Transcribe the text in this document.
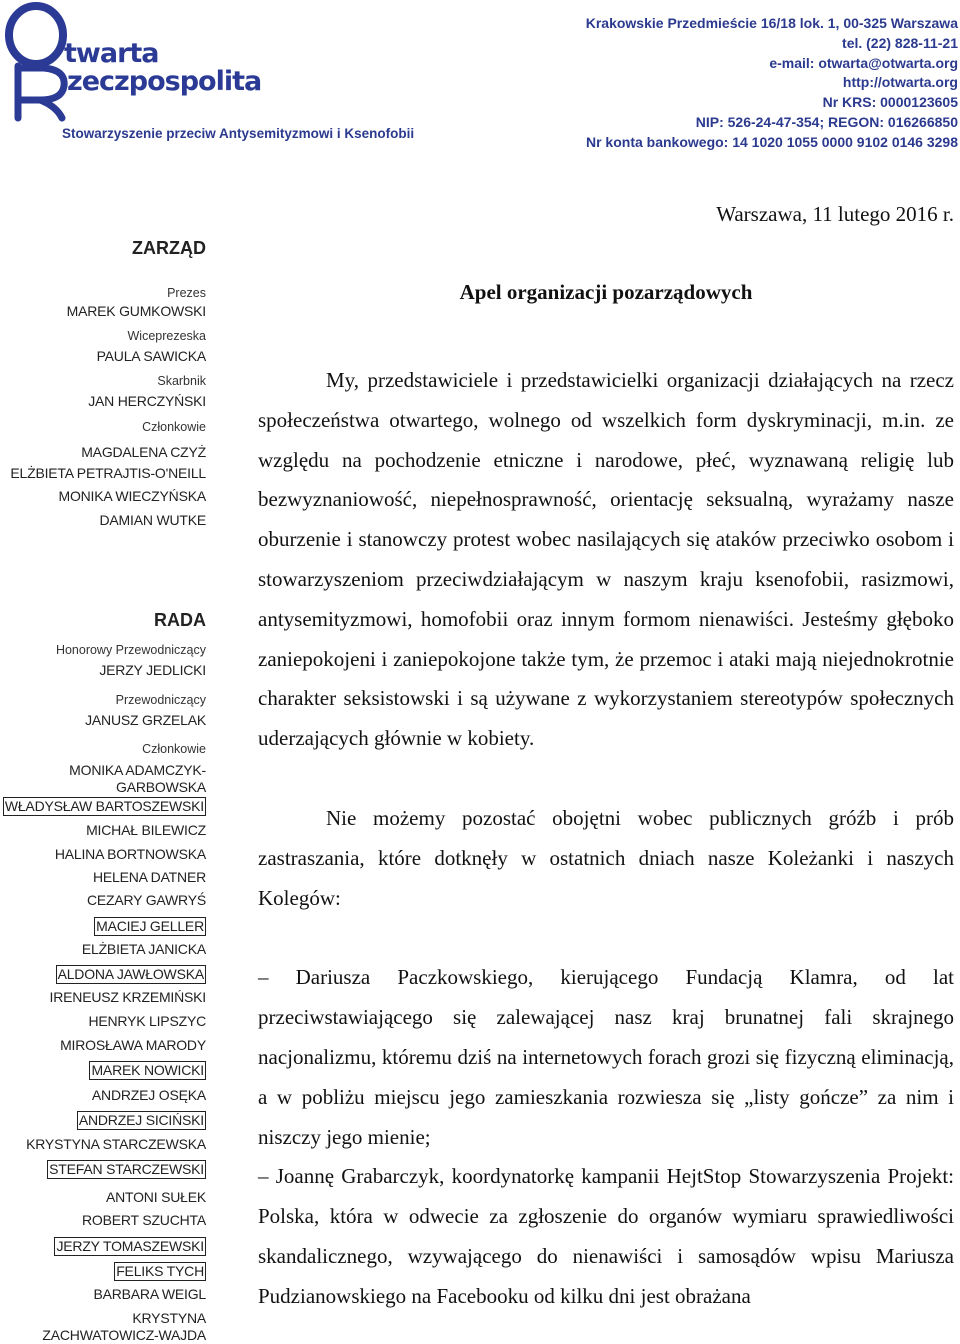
twarta
zeczpospolita
Stowarzyszenie przeciw Antysemityzmowi i Ksenofobii
Krakowskie Przedmieście 16/18 lok. 1, 00-325 Warszawa
tel. (22) 828-11-21
e-mail: otwarta@otwarta.org
http://otwarta.org
Nr KRS: 0000123605
NIP: 526-24-47-354; REGON: 016266850
Nr konta bankowego: 14 1020 1055 0000 9102 0146 3298
Warszawa, 11 lutego 2016 r.
ZARZĄD
Prezes
MAREK GUMKOWSKI
Wiceprezeska
PAULA SAWICKA
Skarbnik
JAN HERCZYŃSKI
Członkowie
MAGDALENA CZYŻ
ELŻBIETA PETRAJTIS-O'NEILL
MONIKA WIECZYŃSKA
DAMIAN WUTKE
RADA
Honorowy Przewodniczący
JERZY JEDLICKI
Przewodniczący
JANUSZ GRZELAK
Członkowie
MONIKA ADAMCZYK-GARBOWSKA
WŁADYSŁAW BARTOSZEWSKI
MICHAŁ BILEWICZ
HALINA BORTNOWSKA
HELENA DATNER
CEZARY GAWRYŚ
MACIEJ GELLER
ELŻBIETA JANICKA
ALDONA JAWŁOWSKA
IRENEUSZ KRZEMIŃSKI
HENRYK LIPSZYC
MIROSŁAWA MARODY
MAREK NOWICKI
ANDRZEJ OSĘKA
ANDRZEJ SICIŃSKI
KRYSTYNA STARCZEWSKA
STEFAN STARCZEWSKI
ANTONI SUŁEK
ROBERT SZUCHTA
JERZY TOMASZEWSKI
FELIKS TYCH
BARBARA WEIGL
KRYSTYNA ZACHWATOWICZ-WAJDA
Apel organizacji pozarządowych

My, przedstawiciele i przedstawicielki organizacji działających na rzecz społeczeństwa otwartego, wolnego od wszelkich form dyskryminacji, m.in. ze względu na pochodzenie etniczne i narodowe, płeć, wyznawaną religię lub bezwyznaniowość, niepełnosprawność, orientację seksualną, wyrażamy nasze oburzenie i stanowczy protest wobec nasilających się ataków przeciwko osobom i stowarzyszeniom przeciwdziałającym w naszym kraju ksenofobii, rasizmowi, antysemityzmowi, homofobii oraz innym formom nienawiści. Jesteśmy głęboko zaniepokojeni i zaniepokojone także tym, że przemoc i ataki mają niejednokrotnie charakter seksistowski i są używane z wykorzystaniem stereotypów społecznych uderzających głównie w kobiety.

Nie możemy pozostać obojętni wobec publicznych gróźb i prób zastraszania, które dotknęły w ostatnich dniach nasze Koleżanki i naszych Kolegów:

– Dariusza Paczkowskiego, kierującego Fundacją Klamra, od lat przeciwstawiającego się zalewającej nasz kraj brunatnej fali skrajnego nacjonalizmu, któremu dziś na internetowych forach grozi się fizyczną eliminacją, a w pobliżu miejscu jego zamieszkania rozwiesza się „listy gończe” za nim i niszczy jego mienie;

– Joannę Grabarczyk, koordynatorkę kampanii HejtStop Stowarzyszenia Projekt: Polska, która w odwecie za zgłoszenie do organów wymiaru sprawiedliwości skandalicznego, wzywającego do nienawiści i samosądów wpisu Mariusza Pudzianowskiego na Facebooku od kilku dni jest obrażana
